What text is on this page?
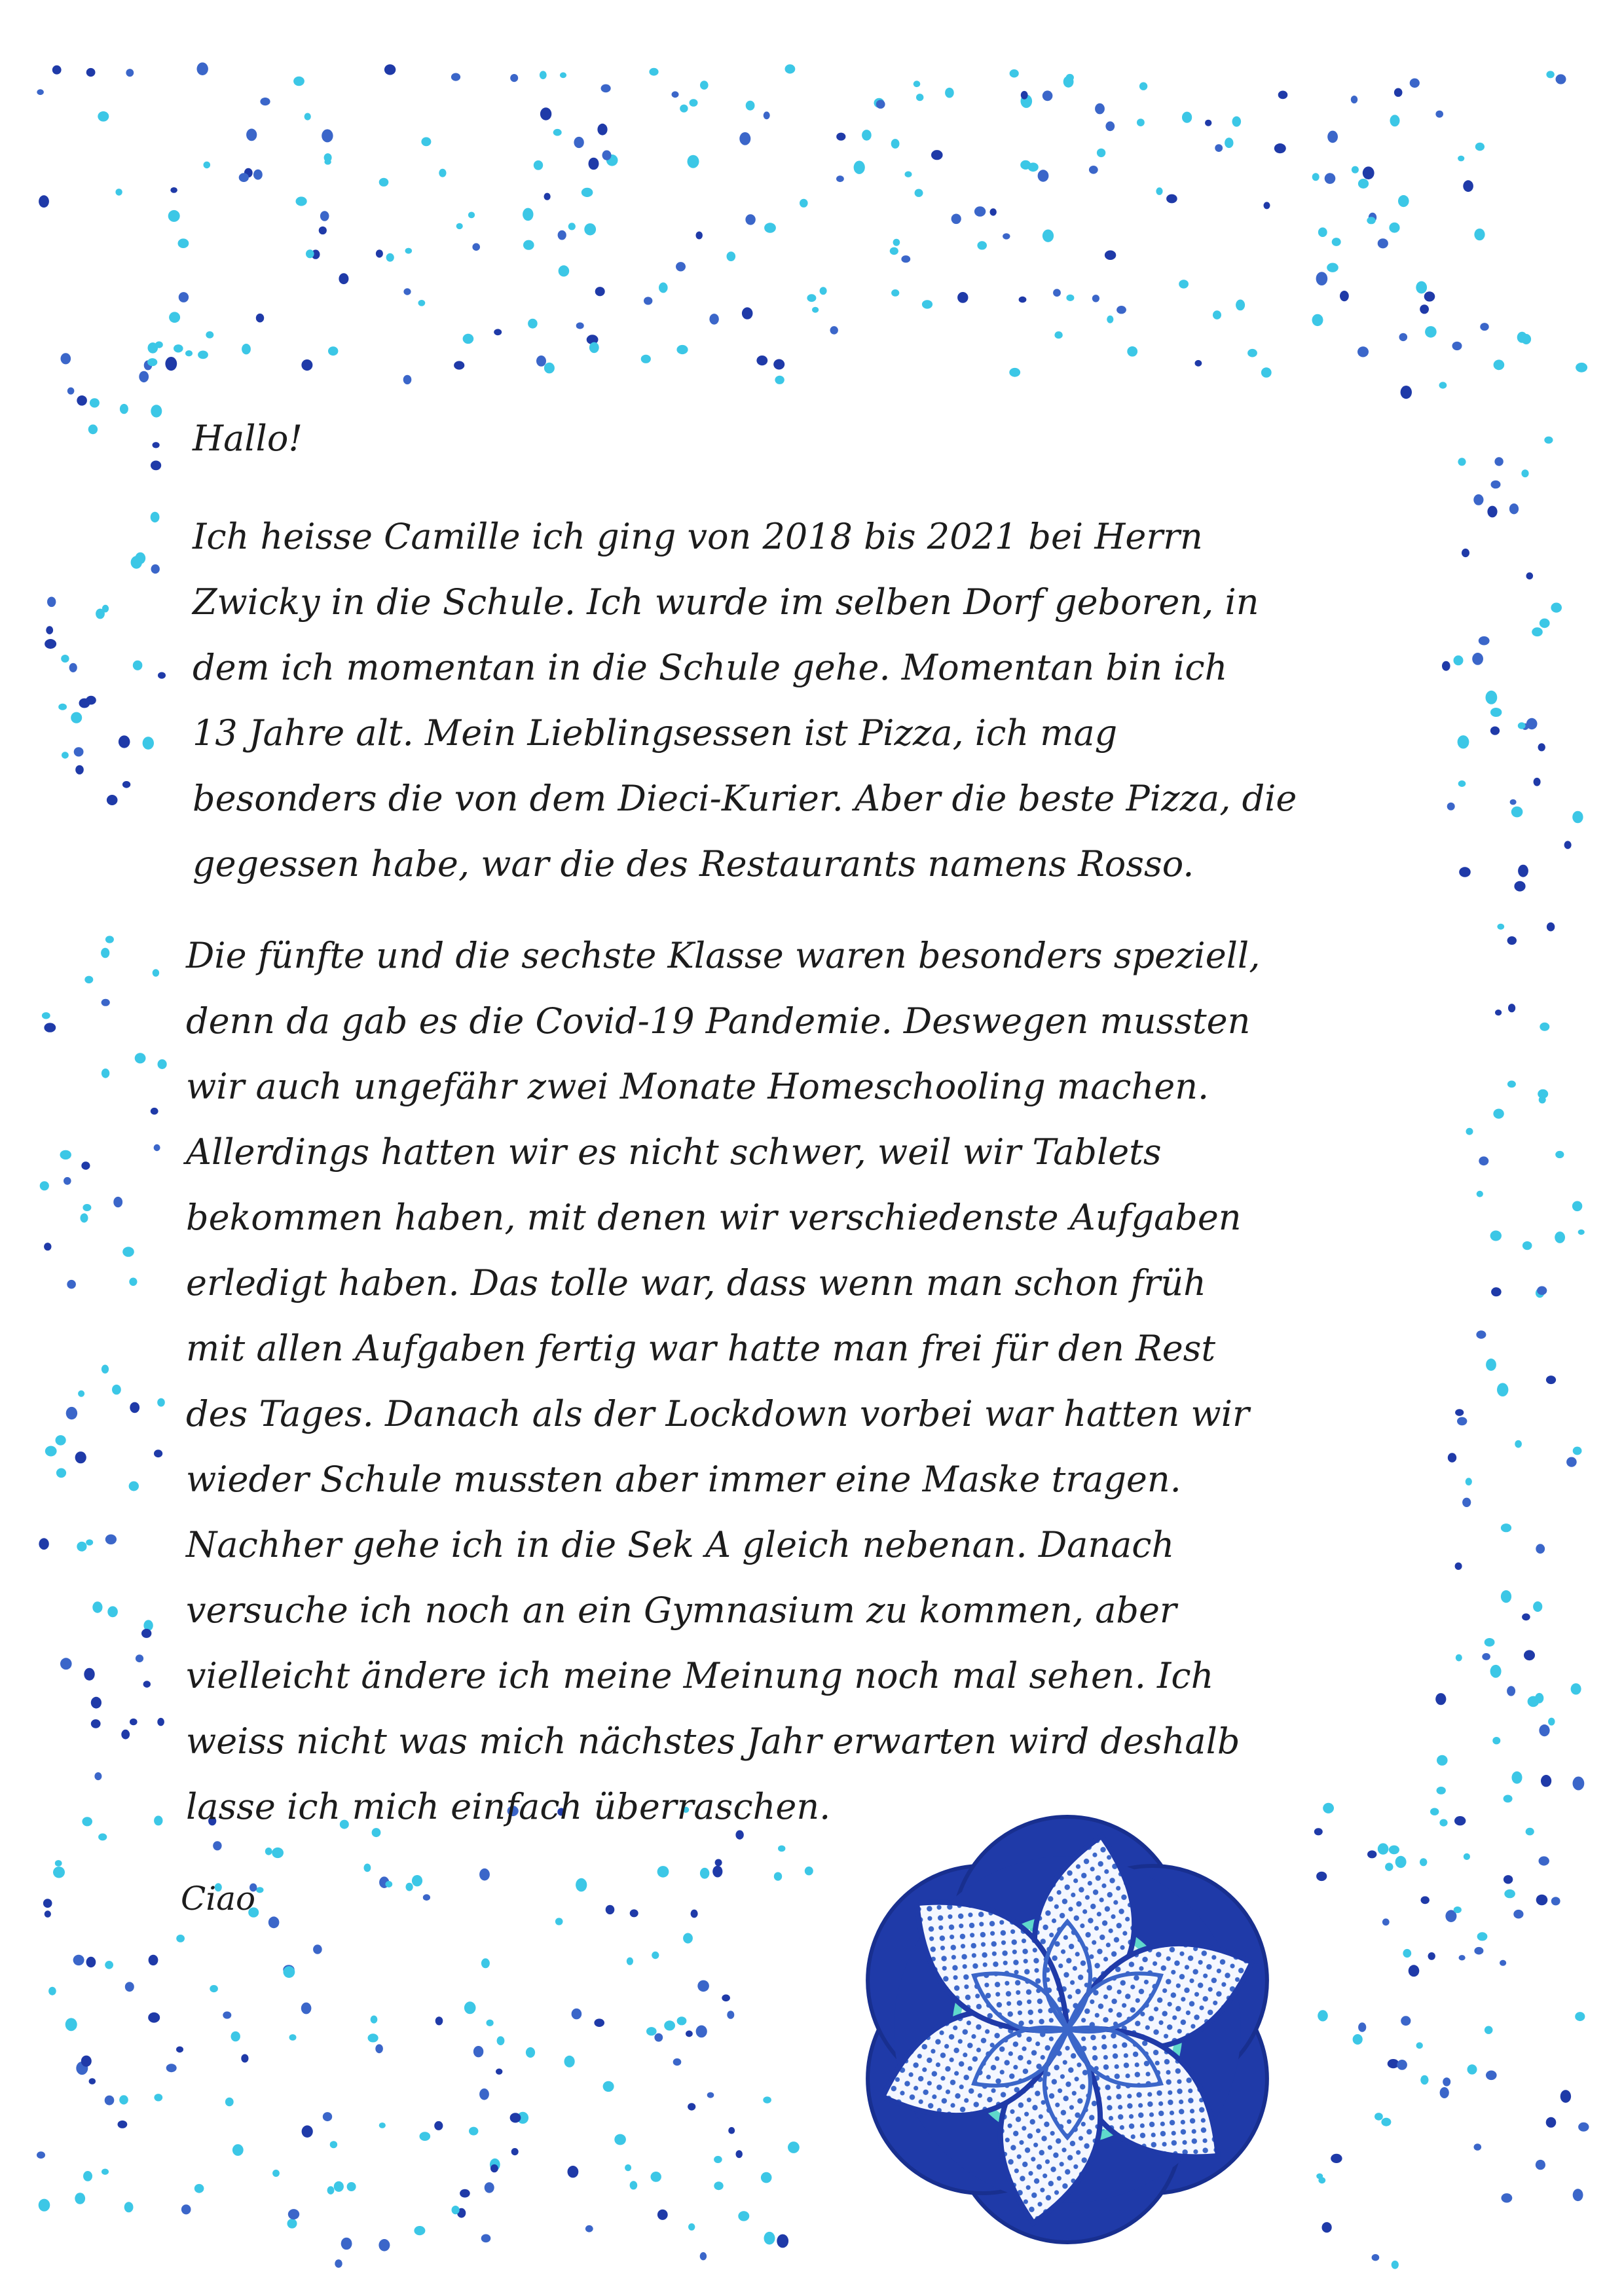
Hallo!
Ich heisse Camille ich ging von 2018 bis 2021 bei Herrn
Zwicky in die Schule. Ich wurde im selben Dorf geboren, in
dem ich momentan in die Schule gehe. Momentan bin ich
13 Jahre alt. Mein Lieblingsessen ist Pizza, ich mag
besonders die von dem Dieci-Kurier. Aber die beste Pizza, die
gegessen habe, war die des Restaurants namens Rosso.
Die fünfte und die sechste Klasse waren besonders speziell,
denn da gab es die Covid-19 Pandemie. Deswegen mussten
wir auch ungefähr zwei Monate Homeschooling machen.
Allerdings hatten wir es nicht schwer, weil wir Tablets
bekommen haben, mit denen wir verschiedenste Aufgaben
erledigt haben. Das tolle war, dass wenn man schon früh
mit allen Aufgaben fertig war hatte man frei für den Rest
des Tages. Danach als der Lockdown vorbei war hatten wir
wieder Schule mussten aber immer eine Maske tragen.
Nachher gehe ich in die Sek A gleich nebenan. Danach
versuche ich noch an ein Gymnasium zu kommen, aber
vielleicht ändere ich meine Meinung noch mal sehen. Ich
weiss nicht was mich nächstes Jahr erwarten wird deshalb
lasse ich mich einfach überraschen.
Ciao
